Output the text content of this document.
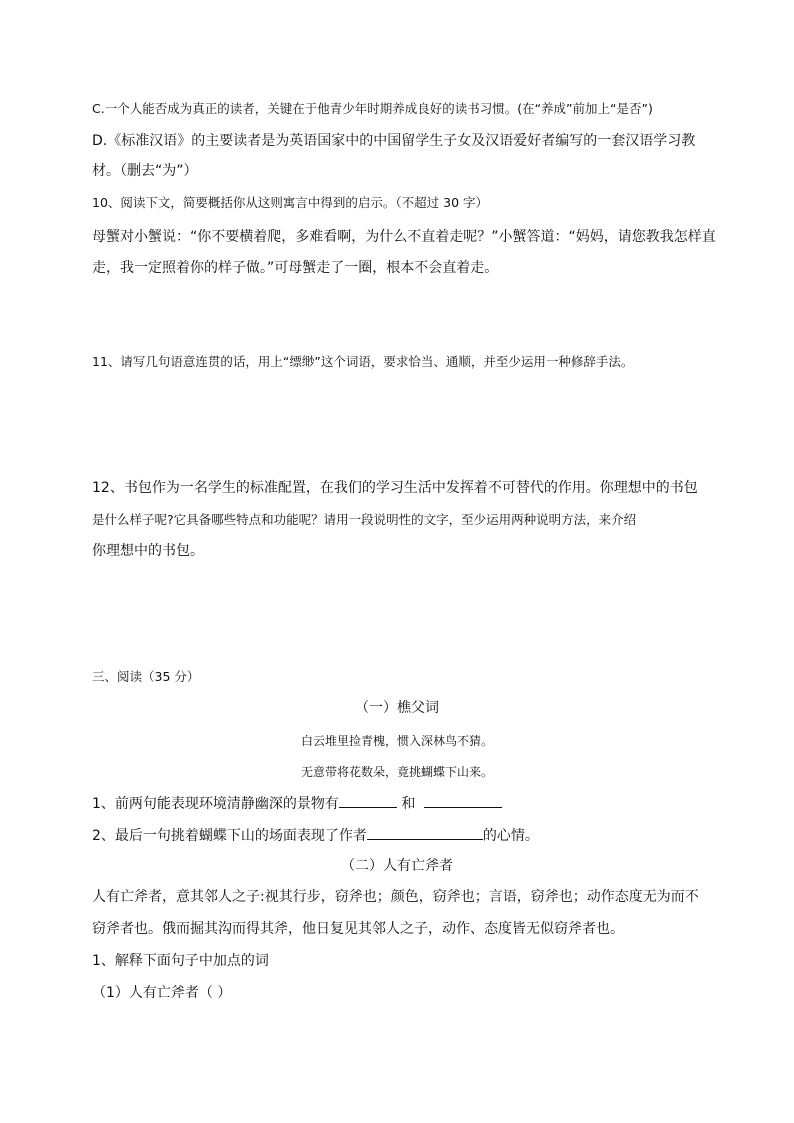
C.一个人能否成为真正的读者，关键在于他青少年时期养成良好的读书习惯。(在“养成”前加上“是否”)
D.《标准汉语》的主要读者是为英语国家中的中国留学生子女及汉语爱好者编写的一套汉语学习教
材。（删去“为”）
10、阅读下文，简要概括你从这则寓言中得到的启示。（不超过 30 字）
母蟹对小蟹说：“你不要横着爬，多难看啊，为什么不直着走呢？”小蟹答道：“妈妈，请您教我怎样直
走，我一定照着你的样子做。”可母蟹走了一圈，根本不会直着走。
11、请写几句语意连贯的话，用上“缥缈”这个词语，要求恰当、通顺，并至少运用一种修辞手法。
12、书包作为一名学生的标准配置，在我们的学习生活中发挥着不可替代的作用。你理想中的书包
是什么样子呢?它具备哪些特点和功能呢？请用一段说明性的文字，至少运用两种说明方法，来介绍
你理想中的书包。
三、阅读（35 分）
（一）樵父词
白云堆里捡青槐，惯入深林鸟不猜。
无意带将花数朵，竟挑蝴蝶下山来。
1、前两句能表现环境清静幽深的景物有	和
2、最后一句挑着蝴蝶下山的场面表现了作者	的心情。
（二）人有亡斧者
人有亡斧者，意其邻人之子:视其行步，窃斧也；颜色，窃斧也；言语，窃斧也；动作态度无为而不
窃斧者也。俄而掘其沟而得其斧，他日复见其邻人之子，动作、态度皆无似窃斧者也。
1、解释下面句子中加点的词
（1）人有亡斧者（ ）
